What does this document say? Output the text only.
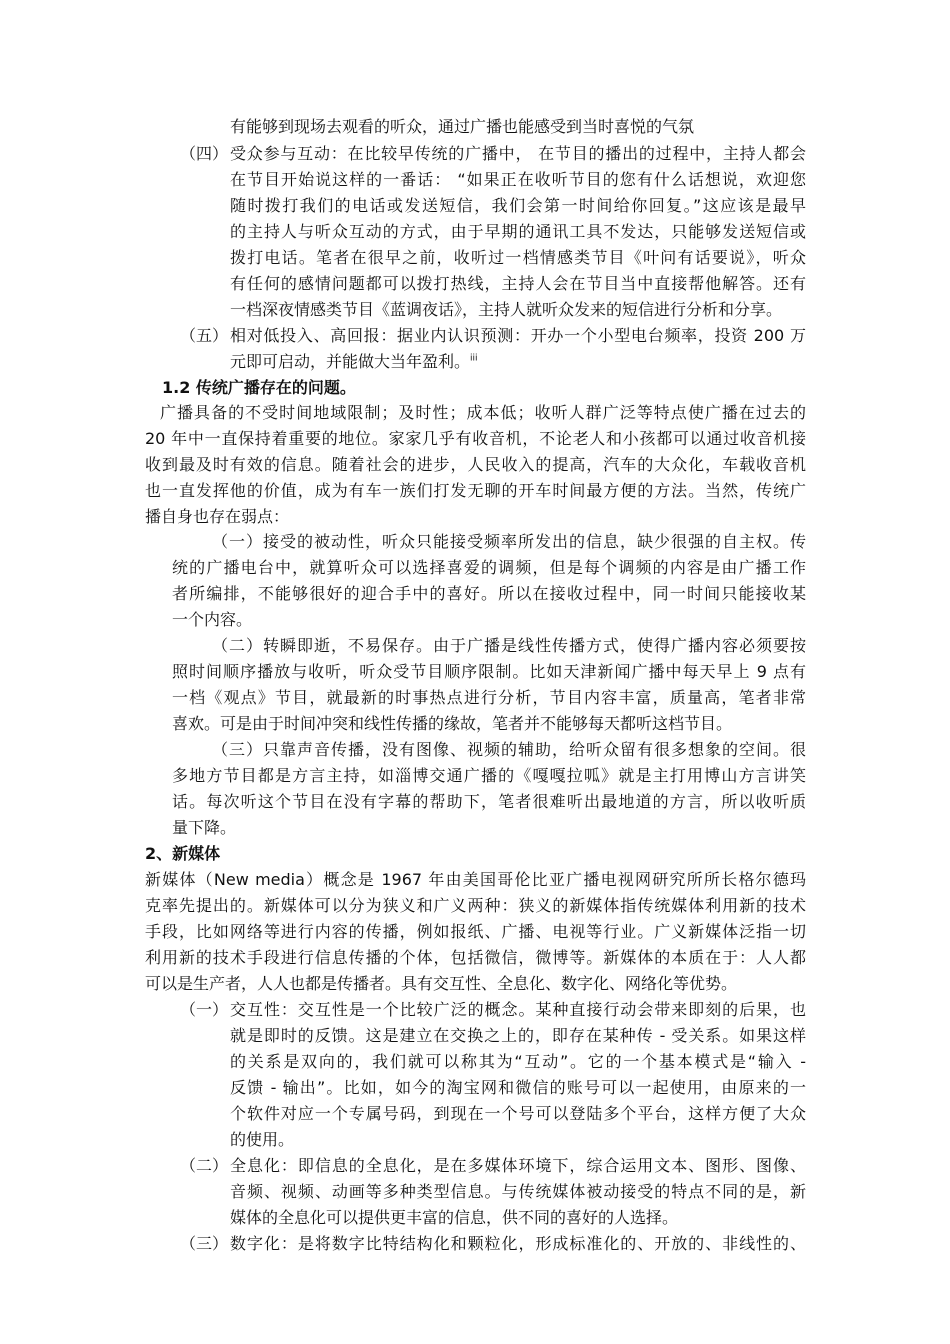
有能够到现场去观看的听众，通过广播也能感受到当时喜悦的气氛
（四） 受众参与互动：在比较早传统的广播中， 在节目的播出的过程中，主持人都会
在节目开始说这样的一番话： “如果正在收听节目的您有什么话想说，欢迎您
随时拨打我们的电话或发送短信，我们会第一时间给你回复。”这应该是最早
的主持人与听众互动的方式，由于早期的通讯工具不发达，只能够发送短信或
拨打电话。笔者在很早之前，收听过一档情感类节目《叶问有话要说》，听众
有任何的感情问题都可以拨打热线，主持人会在节目当中直接帮他解答。还有
一档深夜情感类节目《蓝调夜话》，主持人就听众发来的短信进行分析和分享。
（五） 相对低投入、高回报：据业内认识预测：开办一个小型电台频率，投资 200 万
元即可启动，并能做大当年盈利。$^{iii}$
1.2 传统广播存在的问题。
广播具备的不受时间地域限制；及时性；成本低；收听人群广泛等特点使广播在过去的
20 年中一直保持着重要的地位。家家几乎有收音机，不论老人和小孩都可以通过收音机接
收到最及时有效的信息。随着社会的进步，人民收入的提高，汽车的大众化，车载收音机
也一直发挥他的价值，成为有车一族们打发无聊的开车时间最方便的方法。当然，传统广
播自身也存在弱点：
（一）接受的被动性，听众只能接受频率所发出的信息，缺少很强的自主权。传
统的广播电台中，就算听众可以选择喜爱的调频，但是每个调频的内容是由广播工作
者所编排，不能够很好的迎合手中的喜好。所以在接收过程中，同一时间只能接收某
一个内容。
（二）转瞬即逝，不易保存。由于广播是线性传播方式，使得广播内容必须要按
照时间顺序播放与收听，听众受节目顺序限制。比如天津新闻广播中每天早上 9 点有
一档《观点》节目，就最新的时事热点进行分析，节目内容丰富，质量高，笔者非常
喜欢。可是由于时间冲突和线性传播的缘故，笔者并不能够每天都听这档节目。
（三）只靠声音传播，没有图像、视频的辅助，给听众留有很多想象的空间。很
多地方节目都是方言主持，如淄博交通广播的《嘎嘎拉呱》就是主打用博山方言讲笑
话。每次听这个节目在没有字幕的帮助下，笔者很难听出最地道的方言，所以收听质
量下降。
2、新媒体
新媒体（New media）概念是 1967 年由美国哥伦比亚广播电视网研究所所长格尔德玛
克率先提出的。新媒体可以分为狭义和广义两种：狭义的新媒体指传统媒体利用新的技术
手段，比如网络等进行内容的传播，例如报纸、广播、电视等行业。广义新媒体泛指一切
利用新的技术手段进行信息传播的个体，包括微信，微博等。新媒体的本质在于：人人都
可以是生产者，人人也都是传播者。具有交互性、全息化、数字化、网络化等优势。
（一） 交互性：交互性是一个比较广泛的概念。某种直接行动会带来即刻的后果，也
就是即时的反馈。这是建立在交换之上的，即存在某种传 - 受关系。如果这样
的关系是双向的，我们就可以称其为“互动”。它的一个基本模式是“输入 -
反馈 - 输出”。比如，如今的淘宝网和微信的账号可以一起使用，由原来的一
个软件对应一个专属号码，到现在一个号可以登陆多个平台，这样方便了大众
的使用。
（二） 全息化：即信息的全息化，是在多媒体环境下，综合运用文本、图形、图像、
音频、视频、动画等多种类型信息。与传统媒体被动接受的特点不同的是，新
媒体的全息化可以提供更丰富的信息，供不同的喜好的人选择。
（三） 数字化：是将数字比特结构化和颗粒化，形成标准化的、开放的、非线性的、
